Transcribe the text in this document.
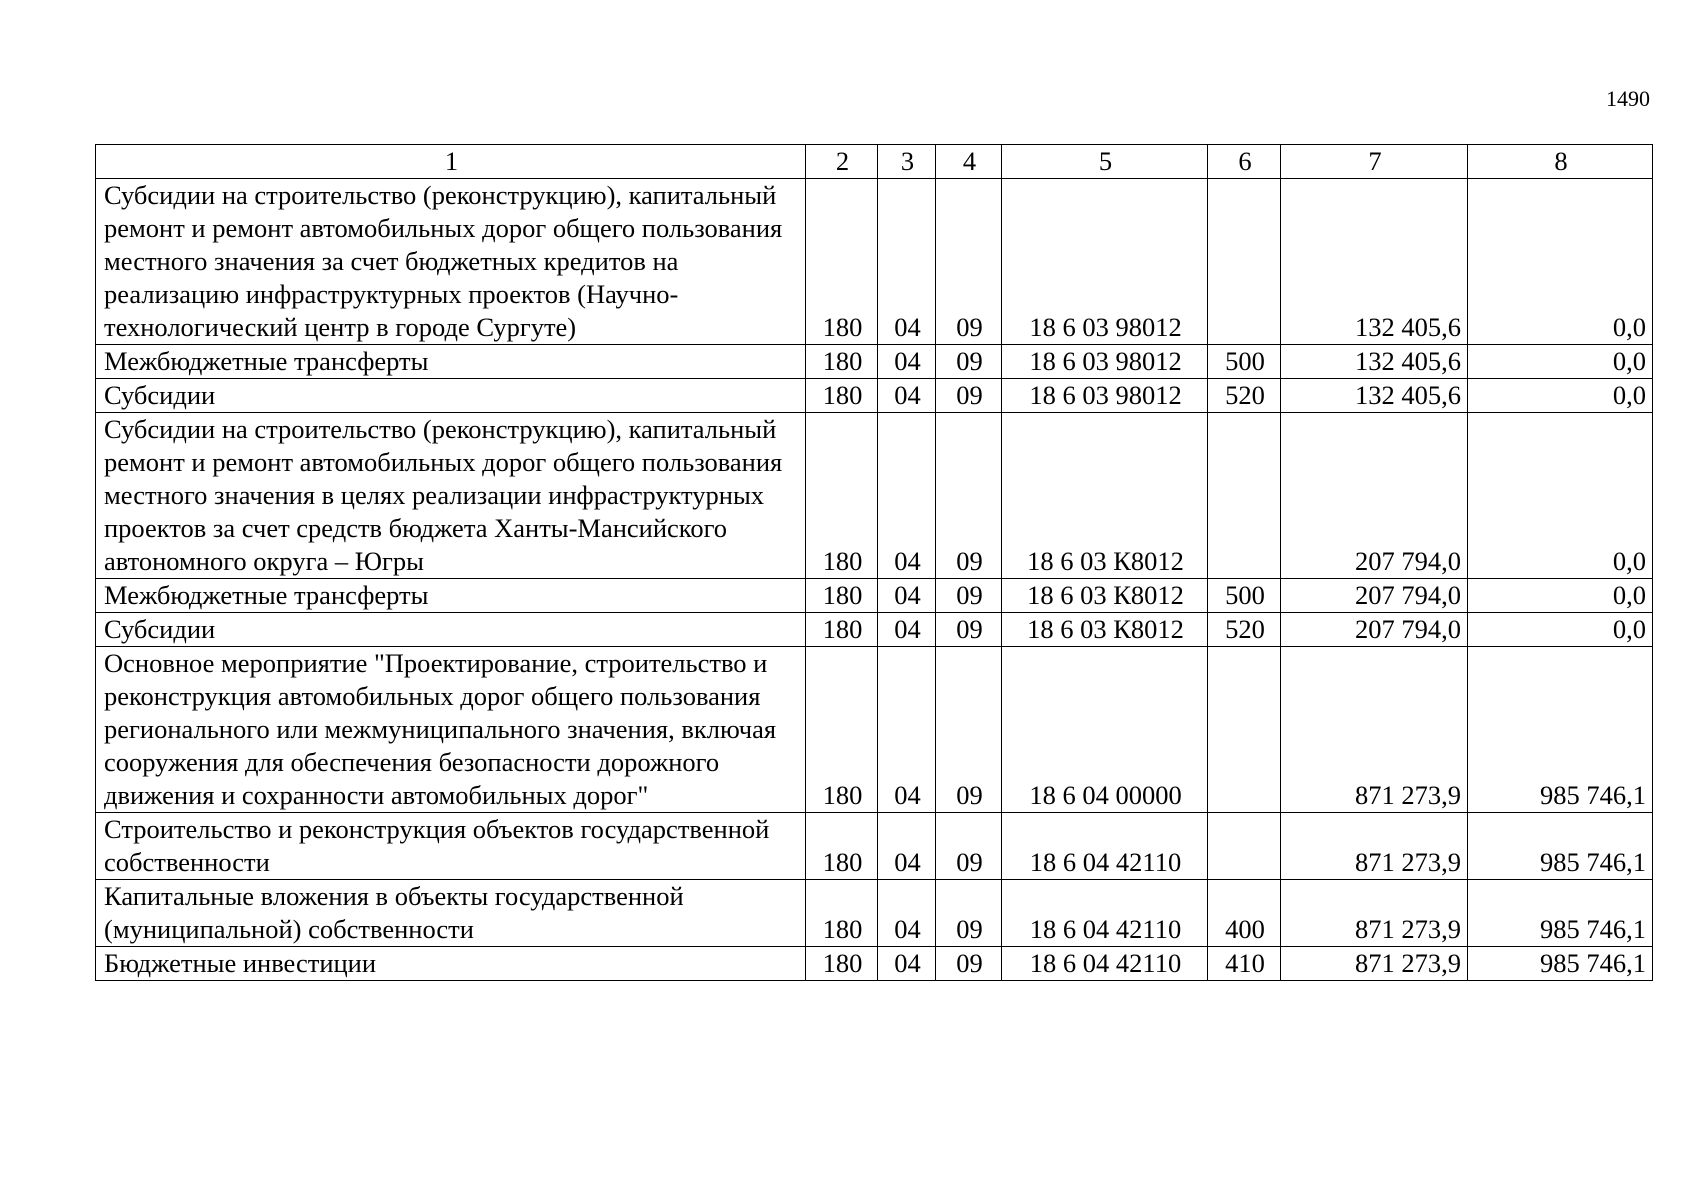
1490
1	2	3	4	5	6	7	8
Субсидии на строительство (реконструкцию), капитальный ремонт и ремонт автомобильных дорог общего пользования местного значения за счет бюджетных кредитов на реализацию инфраструктурных проектов (Научно-технологический центр в городе Сургуте)	180	04	09	18 6 03 98012		132 405,6	0,0
Межбюджетные трансферты	180	04	09	18 6 03 98012	500	132 405,6	0,0
Субсидии	180	04	09	18 6 03 98012	520	132 405,6	0,0
Субсидии на строительство (реконструкцию), капитальный ремонт и ремонт автомобильных дорог общего пользования местного значения в целях реализации инфраструктурных проектов за счет средств бюджета Ханты-Мансийского автономного округа – Югры	180	04	09	18 6 03 К8012		207 794,0	0,0
Межбюджетные трансферты	180	04	09	18 6 03 К8012	500	207 794,0	0,0
Субсидии	180	04	09	18 6 03 К8012	520	207 794,0	0,0
Основное мероприятие "Проектирование, строительство и реконструкция автомобильных дорог общего пользования регионального или межмуниципального значения, включая сооружения для обеспечения безопасности дорожного движения и сохранности автомобильных дорог"	180	04	09	18 6 04 00000		871 273,9	985 746,1
Строительство и реконструкция объектов государственной собственности	180	04	09	18 6 04 42110		871 273,9	985 746,1
Капитальные вложения в объекты государственной (муниципальной) собственности	180	04	09	18 6 04 42110	400	871 273,9	985 746,1
Бюджетные инвестиции	180	04	09	18 6 04 42110	410	871 273,9	985 746,1
